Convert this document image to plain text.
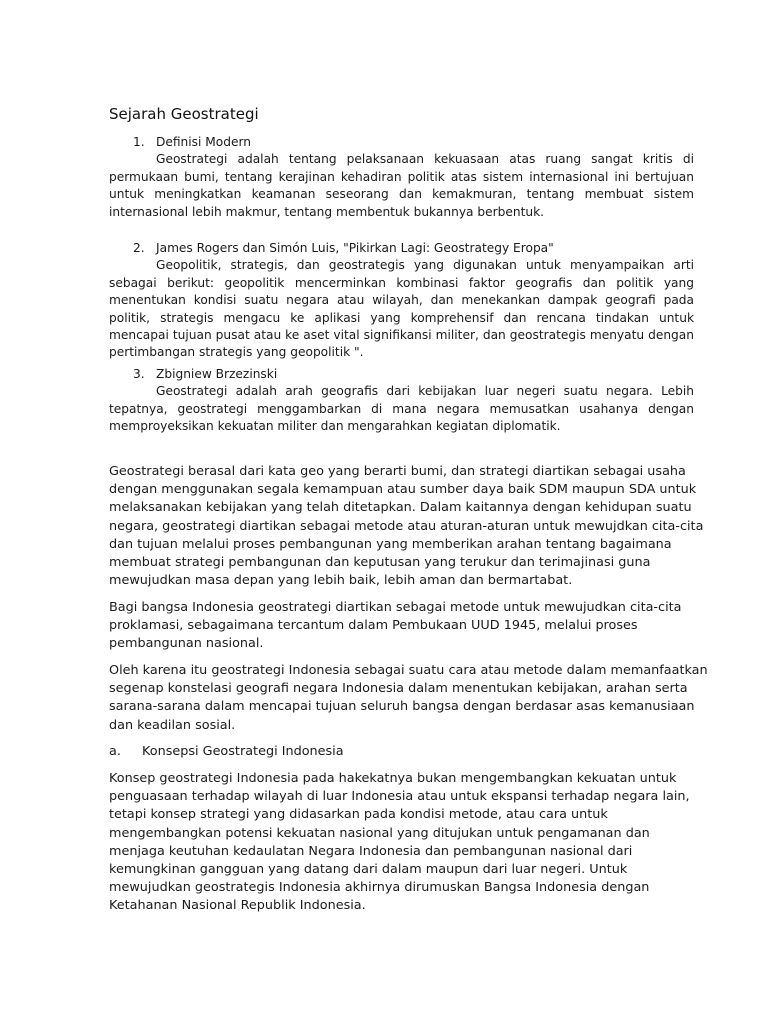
Sejarah Geostrategi
1. Definisi Modern
Geostrategi adalah tentang pelaksanaan kekuasaan atas ruang sangat kritis di permukaan bumi, tentang kerajinan kehadiran politik atas sistem internasional ini bertujuan untuk meningkatkan keamanan seseorang dan kemakmuran, tentang membuat sistem internasional lebih makmur, tentang membentuk bukannya berbentuk.
2. James Rogers dan Simón Luis, "Pikirkan Lagi: Geostrategy Eropa"
Geopolitik, strategis, dan geostrategis yang digunakan untuk menyampaikan arti sebagai berikut: geopolitik mencerminkan kombinasi faktor geografis dan politik yang menentukan kondisi suatu negara atau wilayah, dan menekankan dampak geografi pada politik, strategis mengacu ke aplikasi yang komprehensif dan rencana tindakan untuk mencapai tujuan pusat atau ke aset vital signifikansi militer, dan geostrategis menyatu dengan pertimbangan strategis yang geopolitik ".
3. Zbigniew Brzezinski
Geostrategi adalah arah geografis dari kebijakan luar negeri suatu negara. Lebih tepatnya, geostrategi menggambarkan di mana negara memusatkan usahanya dengan memproyeksikan kekuatan militer dan mengarahkan kegiatan diplomatik.

Geostrategi berasal dari kata geo yang berarti bumi, dan strategi diartikan sebagai usaha dengan menggunakan segala kemampuan atau sumber daya baik SDM maupun SDA untuk melaksanakan kebijakan yang telah ditetapkan. Dalam kaitannya dengan kehidupan suatu negara, geostrategi diartikan sebagai metode atau aturan-aturan untuk mewujdkan cita-cita dan tujuan melalui proses pembangunan yang memberikan arahan tentang bagaimana membuat strategi pembangunan dan keputusan yang terukur dan terimajinasi guna mewujudkan masa depan yang lebih baik, lebih aman dan bermartabat.

Bagi bangsa Indonesia geostrategi diartikan sebagai metode untuk mewujudkan cita-cita proklamasi, sebagaimana tercantum dalam Pembukaan UUD 1945, melalui proses pembangunan nasional.

Oleh karena itu geostrategi Indonesia sebagai suatu cara atau metode dalam memanfaatkan segenap konstelasi geografi negara Indonesia dalam menentukan kebijakan, arahan serta sarana-sarana dalam mencapai tujuan seluruh bangsa dengan berdasar asas kemanusiaan dan keadilan sosial.

a. Konsepsi Geostrategi Indonesia

Konsep geostrategi Indonesia pada hakekatnya bukan mengembangkan kekuatan untuk penguasaan terhadap wilayah di luar Indonesia atau untuk ekspansi terhadap negara lain, tetapi konsep strategi yang didasarkan pada kondisi metode, atau cara untuk mengembangkan potensi kekuatan nasional yang ditujukan untuk pengamanan dan menjaga keutuhan kedaulatan Negara Indonesia dan pembangunan nasional dari kemungkinan gangguan yang datang dari dalam maupun dari luar negeri. Untuk mewujudkan geostrategis Indonesia akhirnya dirumuskan Bangsa Indonesia dengan Ketahanan Nasional Republik Indonesia.
